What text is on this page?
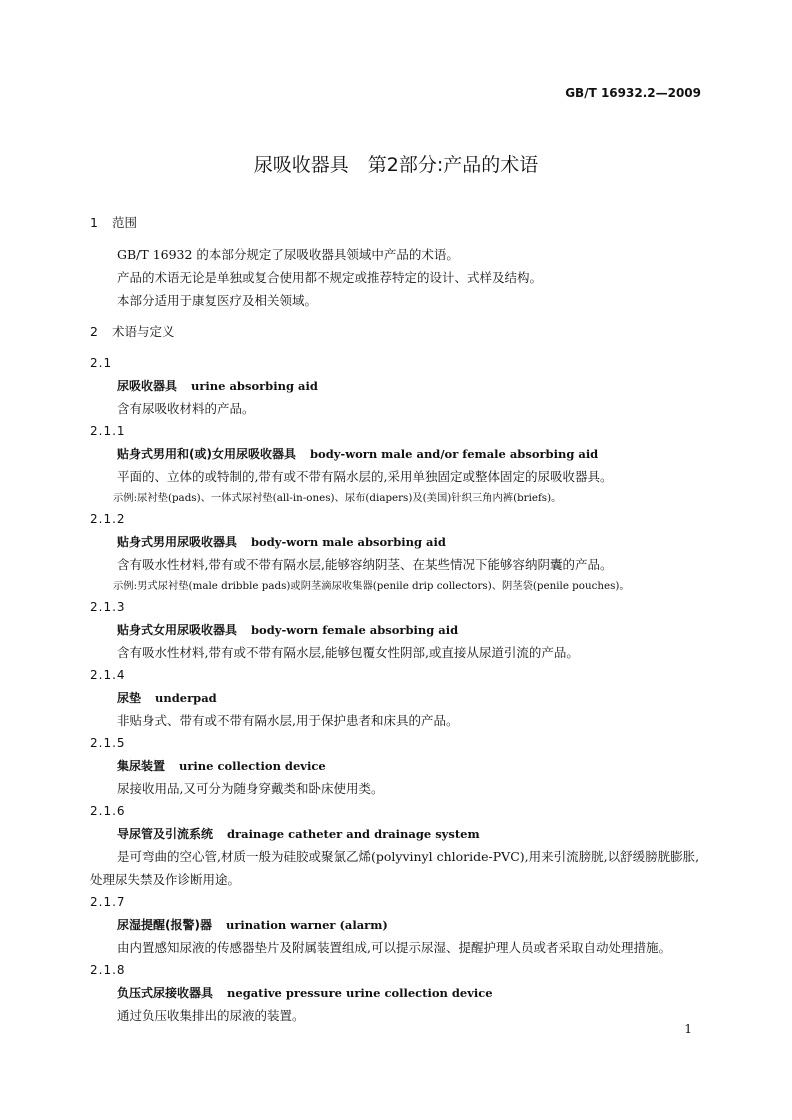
GB/T 16932.2—2009
尿吸收器具　第2部分:产品的术语
1 范围
GB/T 16932 的本部分规定了尿吸收器具领域中产品的术语。
产品的术语无论是单独或复合使用都不规定或推荐特定的设计、式样及结构。
本部分适用于康复医疗及相关领域。
2 术语与定义
2.1
尿吸收器具 urine absorbing aid
含有尿吸收材料的产品。
2.1.1
贴身式男用和(或)女用尿吸收器具 body-worn male and/or female absorbing aid
平面的、立体的或特制的,带有或不带有隔水层的,采用单独固定或整体固定的尿吸收器具。
示例:尿衬垫(pads)、一体式尿衬垫(all-in-ones)、尿布(diapers)及(美国)针织三角内裤(briefs)。
2.1.2
贴身式男用尿吸收器具 body-worn male absorbing aid
含有吸水性材料,带有或不带有隔水层,能够容纳阴茎、在某些情况下能够容纳阴囊的产品。
示例:男式尿衬垫(male dribble pads)或阴茎滴尿收集器(penile drip collectors)、阴茎袋(penile pouches)。
2.1.3
贴身式女用尿吸收器具 body-worn female absorbing aid
含有吸水性材料,带有或不带有隔水层,能够包覆女性阴部,或直接从尿道引流的产品。
2.1.4
尿垫 underpad
非贴身式、带有或不带有隔水层,用于保护患者和床具的产品。
2.1.5
集尿装置 urine collection device
尿接收用品,又可分为随身穿戴类和卧床使用类。
2.1.6
导尿管及引流系统 drainage catheter and drainage system
是可弯曲的空心管,材质一般为硅胶或聚氯乙烯(polyvinyl chloride-PVC),用来引流膀胱,以舒缓膀胱膨胀,处理尿失禁及作诊断用途。
2.1.7
尿湿提醒(报警)器 urination warner (alarm)
由内置感知尿液的传感器垫片及附属装置组成,可以提示尿湿、提醒护理人员或者采取自动处理措施。
2.1.8
负压式尿接收器具 negative pressure urine collection device
通过负压收集排出的尿液的装置。
1
